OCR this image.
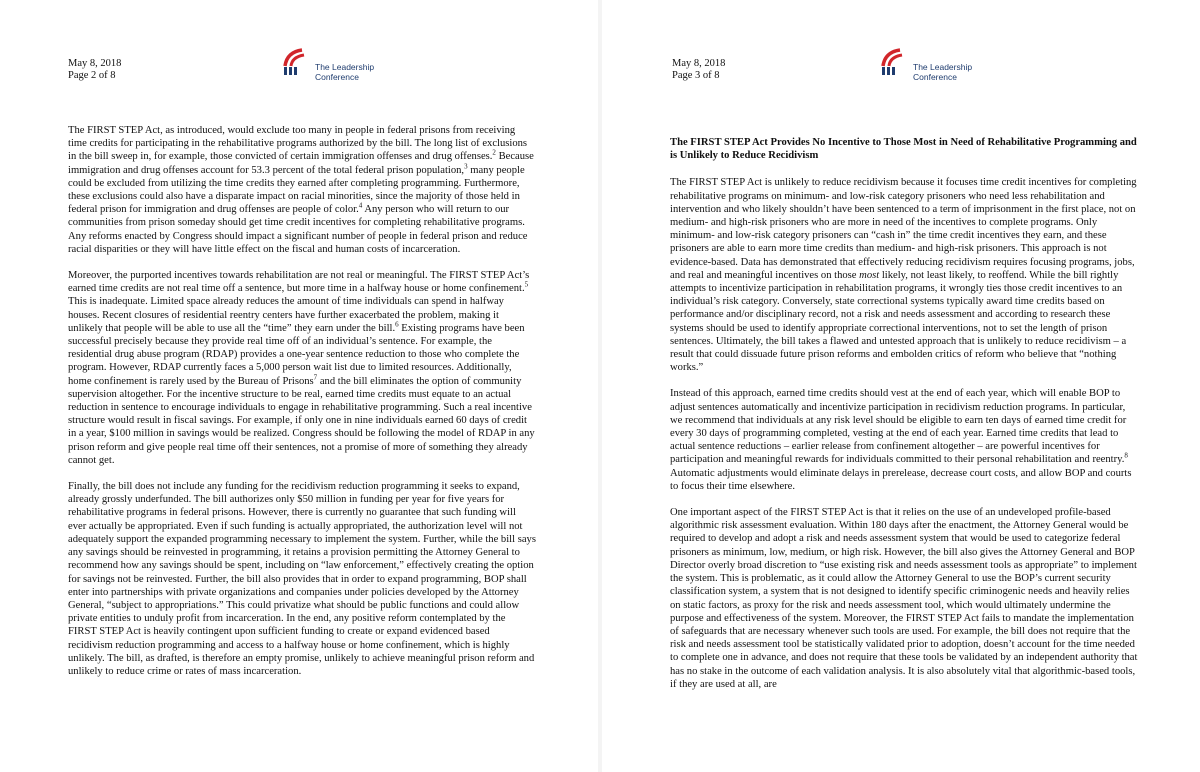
May 8, 2018
Page 2 of 8
The Leadership
Conference

The FIRST STEP Act, as introduced, would exclude too many in people in federal prisons from receiving time credits for participating in the rehabilitative programs authorized by the bill. The long list of exclusions in the bill sweep in, for example, those convicted of certain immigration offenses and drug offenses.$^2$ Because immigration and drug offenses account for 53.3 percent of the total federal prison population,$^3$ many people could be excluded from utilizing the time credits they earned after completing programming. Furthermore, these exclusions could also have a disparate impact on racial minorities, since the majority of those held in federal prison for immigration and drug offenses are people of color.$^4$ Any person who will return to our communities from prison someday should get time credit incentives for completing rehabilitative programs. Any reforms enacted by Congress should impact a significant number of people in federal prison and reduce racial disparities or they will have little effect on the fiscal and human costs of incarceration.

Moreover, the purported incentives towards rehabilitation are not real or meaningful. The FIRST STEP Act’s earned time credits are not real time off a sentence, but more time in a halfway house or home confinement.$^5$ This is inadequate. Limited space already reduces the amount of time individuals can spend in halfway houses. Recent closures of residential reentry centers have further exacerbated the problem, making it unlikely that people will be able to use all the “time” they earn under the bill.$^6$ Existing programs have been successful precisely because they provide real time off of an individual’s sentence. For example, the residential drug abuse program (RDAP) provides a one-year sentence reduction to those who complete the program. However, RDAP currently faces a 5,000 person wait list due to limited resources. Additionally, home confinement is rarely used by the Bureau of Prisons$^7$ and the bill eliminates the option of community supervision altogether. For the incentive structure to be real, earned time credits must equate to an actual reduction in sentence to encourage individuals to engage in rehabilitative programming. Such a real incentive structure would result in fiscal savings. For example, if only one in nine individuals earned 60 days of credit in a year, $100 million in savings would be realized. Congress should be following the model of RDAP in any prison reform and give people real time off their sentences, not a promise of more of something they already cannot get.

Finally, the bill does not include any funding for the recidivism reduction programming it seeks to expand, already grossly underfunded. The bill authorizes only $50 million in funding per year for five years for rehabilitative programs in federal prisons. However, there is currently no guarantee that such funding will ever actually be appropriated. Even if such funding is actually appropriated, the authorization level will not adequately support the expanded programming necessary to implement the system. Further, while the bill says any savings should be reinvested in programming, it retains a provision permitting the Attorney General to recommend how any savings should be spent, including on “law enforcement,” effectively creating the option for savings not be reinvested. Further, the bill also provides that in order to expand programming, BOP shall enter into partnerships with private organizations and companies under policies developed by the Attorney General, “subject to appropriations.” This could privatize what should be public functions and could allow private entities to unduly profit from incarceration. In the end, any positive reform contemplated by the FIRST STEP Act is heavily contingent upon sufficient funding to create or expand evidenced based recidivism reduction programming and access to a halfway house or home confinement, which is highly unlikely. The bill, as drafted, is therefore an empty promise, unlikely to achieve meaningful prison reform and unlikely to reduce crime or rates of mass incarceration.

May 8, 2018
Page 3 of 8
The Leadership
Conference
The FIRST STEP Act Provides No Incentive to Those Most in Need of Rehabilitative Programming and is Unlikely to Reduce Recidivism

The FIRST STEP Act is unlikely to reduce recidivism because it focuses time credit incentives for completing rehabilitative programs on minimum- and low-risk category prisoners who need less rehabilitation and intervention and who likely shouldn’t have been sentenced to a term of imprisonment in the first place, not on medium- and high-risk prisoners who are more in need of the incentives to complete programs. Only minimum- and low-risk category prisoners can “cash in” the time credit incentives they earn, and these prisoners are able to earn more time credits than medium- and high-risk prisoners. This approach is not evidence-based. Data has demonstrated that effectively reducing recidivism requires focusing programs, jobs, and real and meaningful incentives on those most likely, not least likely, to reoffend. While the bill rightly attempts to incentivize participation in rehabilitation programs, it wrongly ties those credit incentives to an individual’s risk category. Conversely, state correctional systems typically award time credits based on performance and/or disciplinary record, not a risk and needs assessment and according to research these systems should be used to identify appropriate correctional interventions, not to set the length of prison sentences. Ultimately, the bill takes a flawed and untested approach that is unlikely to reduce recidivism – a result that could dissuade future prison reforms and embolden critics of reform who believe that “nothing works.”

Instead of this approach, earned time credits should vest at the end of each year, which will enable BOP to adjust sentences automatically and incentivize participation in recidivism reduction programs. In particular, we recommend that individuals at any risk level should be eligible to earn ten days of earned time credit for every 30 days of programming completed, vesting at the end of each year. Earned time credits that lead to actual sentence reductions – earlier release from confinement altogether – are powerful incentives for participation and meaningful rewards for individuals committed to their personal rehabilitation and reentry.$^8$ Automatic adjustments would eliminate delays in prerelease, decrease court costs, and allow BOP and courts to focus their time elsewhere.

One important aspect of the FIRST STEP Act is that it relies on the use of an undeveloped profile-based algorithmic risk assessment evaluation. Within 180 days after the enactment, the Attorney General would be required to develop and adopt a risk and needs assessment system that would be used to categorize federal prisoners as minimum, low, medium, or high risk. However, the bill also gives the Attorney General and BOP Director overly broad discretion to “use existing risk and needs assessment tools as appropriate” to implement the system. This is problematic, as it could allow the Attorney General to use the BOP’s current security classification system, a system that is not designed to identify specific criminogenic needs and heavily relies on static factors, as proxy for the risk and needs assessment tool, which would ultimately undermine the purpose and effectiveness of the system. Moreover, the FIRST STEP Act fails to mandate the implementation of safeguards that are necessary whenever such tools are used. For example, the bill does not require that the risk and needs assessment tool be statistically validated prior to adoption, doesn’t account for the time needed to complete one in advance, and does not require that these tools be validated by an independent authority that has no stake in the outcome of each validation analysis. It is also absolutely vital that algorithmic-based tools, if they are used at all, are
